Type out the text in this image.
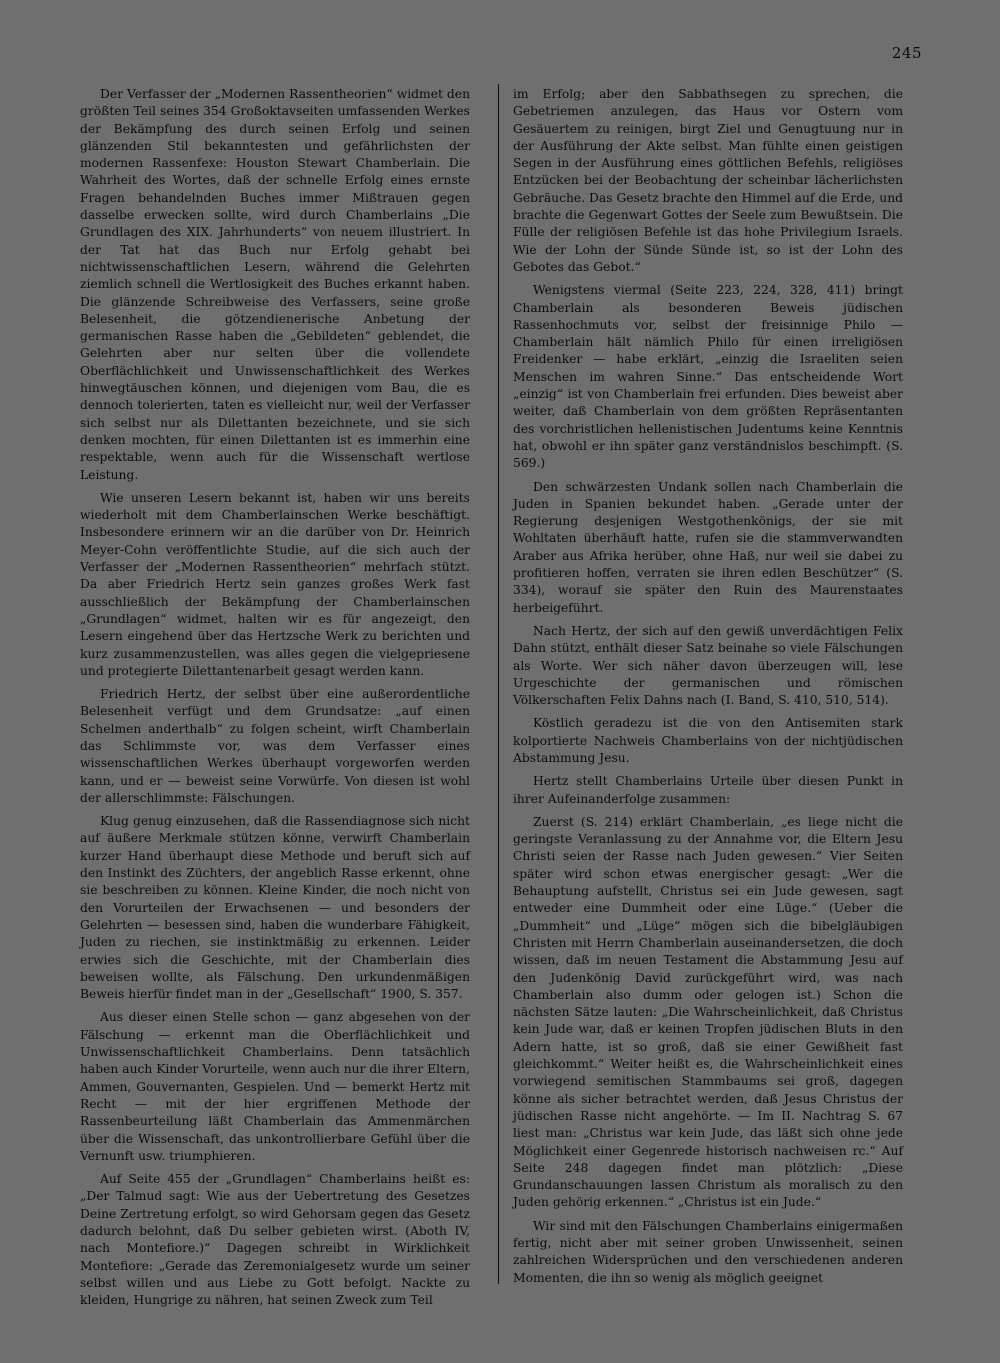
245

Der Verfasser der „Modernen Rassentheorien“ widmet den größten Teil seines 354 Großoktavseiten umfassenden Werkes der Bekämpfung des durch seinen Erfolg und seinen glänzenden Stil bekanntesten und gefährlichsten der modernen Rassenfexe: Houston Stewart Chamberlain. Die Wahrheit des Wortes, daß der schnelle Erfolg eines ernste Fragen behandelnden Buches immer Mißtrauen gegen dasselbe erwecken sollte, wird durch Chamberlains „Die Grundlagen des XIX. Jahrhunderts“ von neuem illustriert. In der Tat hat das Buch nur Erfolg gehabt bei nichtwissenschaftlichen Lesern, während die Gelehrten ziemlich schnell die Wertlosigkeit des Buches erkannt haben. Die glänzende Schreibweise des Verfassers, seine große Belesenheit, die götzendienerische Anbetung der germanischen Rasse haben die „Gebildeten“ geblendet, die Gelehrten aber nur selten über die vollendete Oberflächlichkeit und Unwissenschaftlichkeit des Werkes hinwegtäuschen können, und diejenigen vom Bau, die es dennoch tolerierten, taten es vielleicht nur, weil der Verfasser sich selbst nur als Dilettanten bezeichnete, und sie sich denken mochten, für einen Dilettanten ist es immerhin eine respektable, wenn auch für die Wissenschaft wertlose Leistung.

Wie unseren Lesern bekannt ist, haben wir uns bereits wiederholt mit dem Chamberlainschen Werke beschäftigt. Insbesondere erinnern wir an die darüber von Dr. Heinrich Meyer-Cohn veröffentlichte Studie, auf die sich auch der Verfasser der „Modernen Rassentheorien“ mehrfach stützt. Da aber Friedrich Hertz sein ganzes großes Werk fast ausschließlich der Bekämpfung der Chamberlainschen „Grundlagen“ widmet, halten wir es für angezeigt, den Lesern eingehend über das Hertzsche Werk zu berichten und kurz zusammenzustellen, was alles gegen die vielgepriesene und protegierte Dilettantenarbeit gesagt werden kann.

Friedrich Hertz, der selbst über eine außerordentliche Belesenheit verfügt und dem Grundsatze: „auf einen Schelmen anderthalb“ zu folgen scheint, wirft Chamberlain das Schlimmste vor, was dem Verfasser eines wissenschaftlichen Werkes überhaupt vorgeworfen werden kann, und er — beweist seine Vorwürfe. Von diesen ist wohl der allerschlimmste: Fälschungen.

Klug genug einzusehen, daß die Rassendiagnose sich nicht auf äußere Merkmale stützen könne, verwirft Chamberlain kurzer Hand überhaupt diese Methode und beruft sich auf den Instinkt des Züchters, der angeblich Rasse erkennt, ohne sie beschreiben zu können. Kleine Kinder, die noch nicht von den Vorurteilen der Erwachsenen — und besonders der Gelehrten — besessen sind, haben die wunderbare Fähigkeit, Juden zu riechen, sie instinktmäßig zu erkennen. Leider erwies sich die Geschichte, mit der Chamberlain dies beweisen wollte, als Fälschung. Den urkundenmäßigen Beweis hierfür findet man in der „Gesellschaft“ 1900, S. 357.

Aus dieser einen Stelle schon — ganz abgesehen von der Fälschung — erkennt man die Oberflächlichkeit und Unwissenschaftlichkeit Chamberlains. Denn tatsächlich haben auch Kinder Vorurteile, wenn auch nur die ihrer Eltern, Ammen, Gouvernanten, Gespielen. Und — bemerkt Hertz mit Recht — mit der hier ergriffenen Methode der Rassenbeurteilung läßt Chamberlain das Ammenmärchen über die Wissenschaft, das unkontrollierbare Gefühl über die Vernunft usw. triumphieren.

Auf Seite 455 der „Grundlagen“ Chamberlains heißt es: „Der Talmud sagt: Wie aus der Uebertretung des Gesetzes Deine Zertretung erfolgt, so wird Gehorsam gegen das Gesetz dadurch belohnt, daß Du selber gebieten wirst. (Aboth IV, nach Montefiore.)“ Dagegen schreibt in Wirklichkeit Montefiore: „Gerade das Zeremonialgesetz wurde um seiner selbst willen und aus Liebe zu Gott befolgt. Nackte zu kleiden, Hungrige zu nähren, hat seinen Zweck zum Teil

im Erfolg; aber den Sabbathsegen zu sprechen, die Gebetriemen anzulegen, das Haus vor Ostern vom Gesäuertem zu reinigen, birgt Ziel und Genugtuung nur in der Ausführung der Akte selbst. Man fühlte einen geistigen Segen in der Ausführung eines göttlichen Befehls, religiöses Entzücken bei der Beobachtung der scheinbar lächerlichsten Gebräuche. Das Gesetz brachte den Himmel auf die Erde, und brachte die Gegenwart Gottes der Seele zum Bewußtsein. Die Fülle der religiösen Befehle ist das hohe Privilegium Israels. Wie der Lohn der Sünde Sünde ist, so ist der Lohn des Gebotes das Gebot.“

Wenigstens viermal (Seite 223, 224, 328, 411) bringt Chamberlain als besonderen Beweis jüdischen Rassenhochmuts vor, selbst der freisinnige Philo — Chamberlain hält nämlich Philo für einen irreligiösen Freidenker — habe erklärt, „einzig die Israeliten seien Menschen im wahren Sinne.“ Das entscheidende Wort „einzig“ ist von Chamberlain frei erfunden. Dies beweist aber weiter, daß Chamberlain von dem größten Repräsentanten des vorchristlichen hellenistischen Judentums keine Kenntnis hat, obwohl er ihn später ganz verständnislos beschimpft. (S. 569.)

Den schwärzesten Undank sollen nach Chamberlain die Juden in Spanien bekundet haben. „Gerade unter der Regierung desjenigen Westgothenkönigs, der sie mit Wohltaten überhäuft hatte, rufen sie die stammverwandten Araber aus Afrika herüber, ohne Haß, nur weil sie dabei zu profitieren hoffen, verraten sie ihren edlen Beschützer“ (S. 334), worauf sie später den Ruin des Maurenstaates herbeigeführt.

Nach Hertz, der sich auf den gewiß unverdächtigen Felix Dahn stützt, enthält dieser Satz beinahe so viele Fälschungen als Worte. Wer sich näher davon überzeugen will, lese Urgeschichte der germanischen und römischen Völkerschaften Felix Dahns nach (I. Band, S. 410, 510, 514).

Köstlich geradezu ist die von den Antisemiten stark kolportierte Nachweis Chamberlains von der nichtjüdischen Abstammung Jesu.

Hertz stellt Chamberlains Urteile über diesen Punkt in ihrer Aufeinanderfolge zusammen:

Zuerst (S. 214) erklärt Chamberlain, „es liege nicht die geringste Veranlassung zu der Annahme vor, die Eltern Jesu Christi seien der Rasse nach Juden gewesen.“ Vier Seiten später wird schon etwas energischer gesagt: „Wer die Behauptung aufstellt, Christus sei ein Jude gewesen, sagt entweder eine Dummheit oder eine Lüge.“ (Ueber die „Dummheit“ und „Lüge“ mögen sich die bibelgläubigen Christen mit Herrn Chamberlain auseinandersetzen, die doch wissen, daß im neuen Testament die Abstammung Jesu auf den Judenkönig David zurückgeführt wird, was nach Chamberlain also dumm oder gelogen ist.) Schon die nächsten Sätze lauten: „Die Wahrscheinlichkeit, daß Christus kein Jude war, daß er keinen Tropfen jüdischen Bluts in den Adern hatte, ist so groß, daß sie einer Gewißheit fast gleichkommt.“ Weiter heißt es, die Wahrscheinlichkeit eines vorwiegend semitischen Stammbaums sei groß, dagegen könne als sicher betrachtet werden, daß Jesus Christus der jüdischen Rasse nicht angehörte. — Im II. Nachtrag S. 67 liest man: „Christus war kein Jude, das läßt sich ohne jede Möglichkeit einer Gegenrede historisch nachweisen rc.“ Auf Seite 248 dagegen findet man plötzlich: „Diese Grundanschauungen lassen Christum als moralisch zu den Juden gehörig erkennen.“ „Christus ist ein Jude.“

Wir sind mit den Fälschungen Chamberlains einigermaßen fertig, nicht aber mit seiner groben Unwissenheit, seinen zahlreichen Widersprüchen und den verschiedenen anderen Momenten, die ihn so wenig als möglich geeignet
